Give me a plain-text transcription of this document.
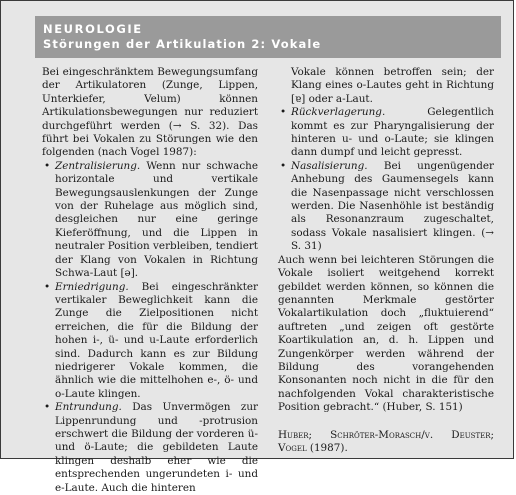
NEUROLOGIE
Störungen der Artikulation 2: Vokale

Bei eingeschränktem Bewegungsumfang der Artikulatoren (Zunge, Lippen, Unterkiefer, Velum) können Artikulationsbewegungen nur reduziert durchgeführt werden (→ S. 32). Das führt bei Vokalen zu Störungen wie den folgenden (nach Vogel 1987):

• Zentralisierung. Wenn nur schwache horizontale und vertikale Bewegungsauslenkungen der Zunge von der Ruhelage aus möglich sind, desgleichen nur eine geringe Kieferöffnung, und die Lippen in neutraler Position verbleiben, tendiert der Klang von Vokalen in Richtung Schwa-Laut [ə].
• Erniedrigung. Bei eingeschränkter vertikaler Beweglichkeit kann die Zunge die Zielpositionen nicht erreichen, die für die Bildung der hohen i-, ü- und u-Laute erforderlich sind. Dadurch kann es zur Bildung niedrigerer Vokale kommen, die ähnlich wie die mittelhohen e-, ö- und o-Laute klingen.
• Entrundung. Das Unvermögen zur Lippenrundung und -protrusion erschwert die Bildung der vorderen ü- und ö-Laute; die gebildeten Laute klingen deshalb eher wie die entsprechenden ungerundeten i- und e-Laute. Auch die hinteren

Vokale können betroffen sein; der Klang eines o-Lautes geht in Richtung [ɐ] oder a-Laut.

• Rückverlagerung. Gelegentlich kommt es zur Pharyngalisierung der hinteren u- und o-Laute; sie klingen dann dumpf und leicht gepresst.
• Nasalisierung. Bei ungenügender Anhebung des Gaumensegels kann die Nasenpassage nicht verschlossen werden. Die Nasenhöhle ist beständig als Resonanzraum zugeschaltet, sodass Vokale nasalisiert klingen. (→ S. 31)

Auch wenn bei leichteren Störungen die Vokale isoliert weitgehend korrekt gebildet werden können, so können die genannten Merkmale gestörter Vokalartikulation doch „fluktuierend“ auftreten „und zeigen oft gestörte Koartikulation an, d. h. Lippen und Zungenkörper werden während der Bildung des vorangehenden Konsonanten noch nicht in die für den nachfolgenden Vokal charakteristische Position gebracht.“ (Huber, S. 151)

Huber; Schröter-Morasch/v. Deuster; Vogel (1987).
